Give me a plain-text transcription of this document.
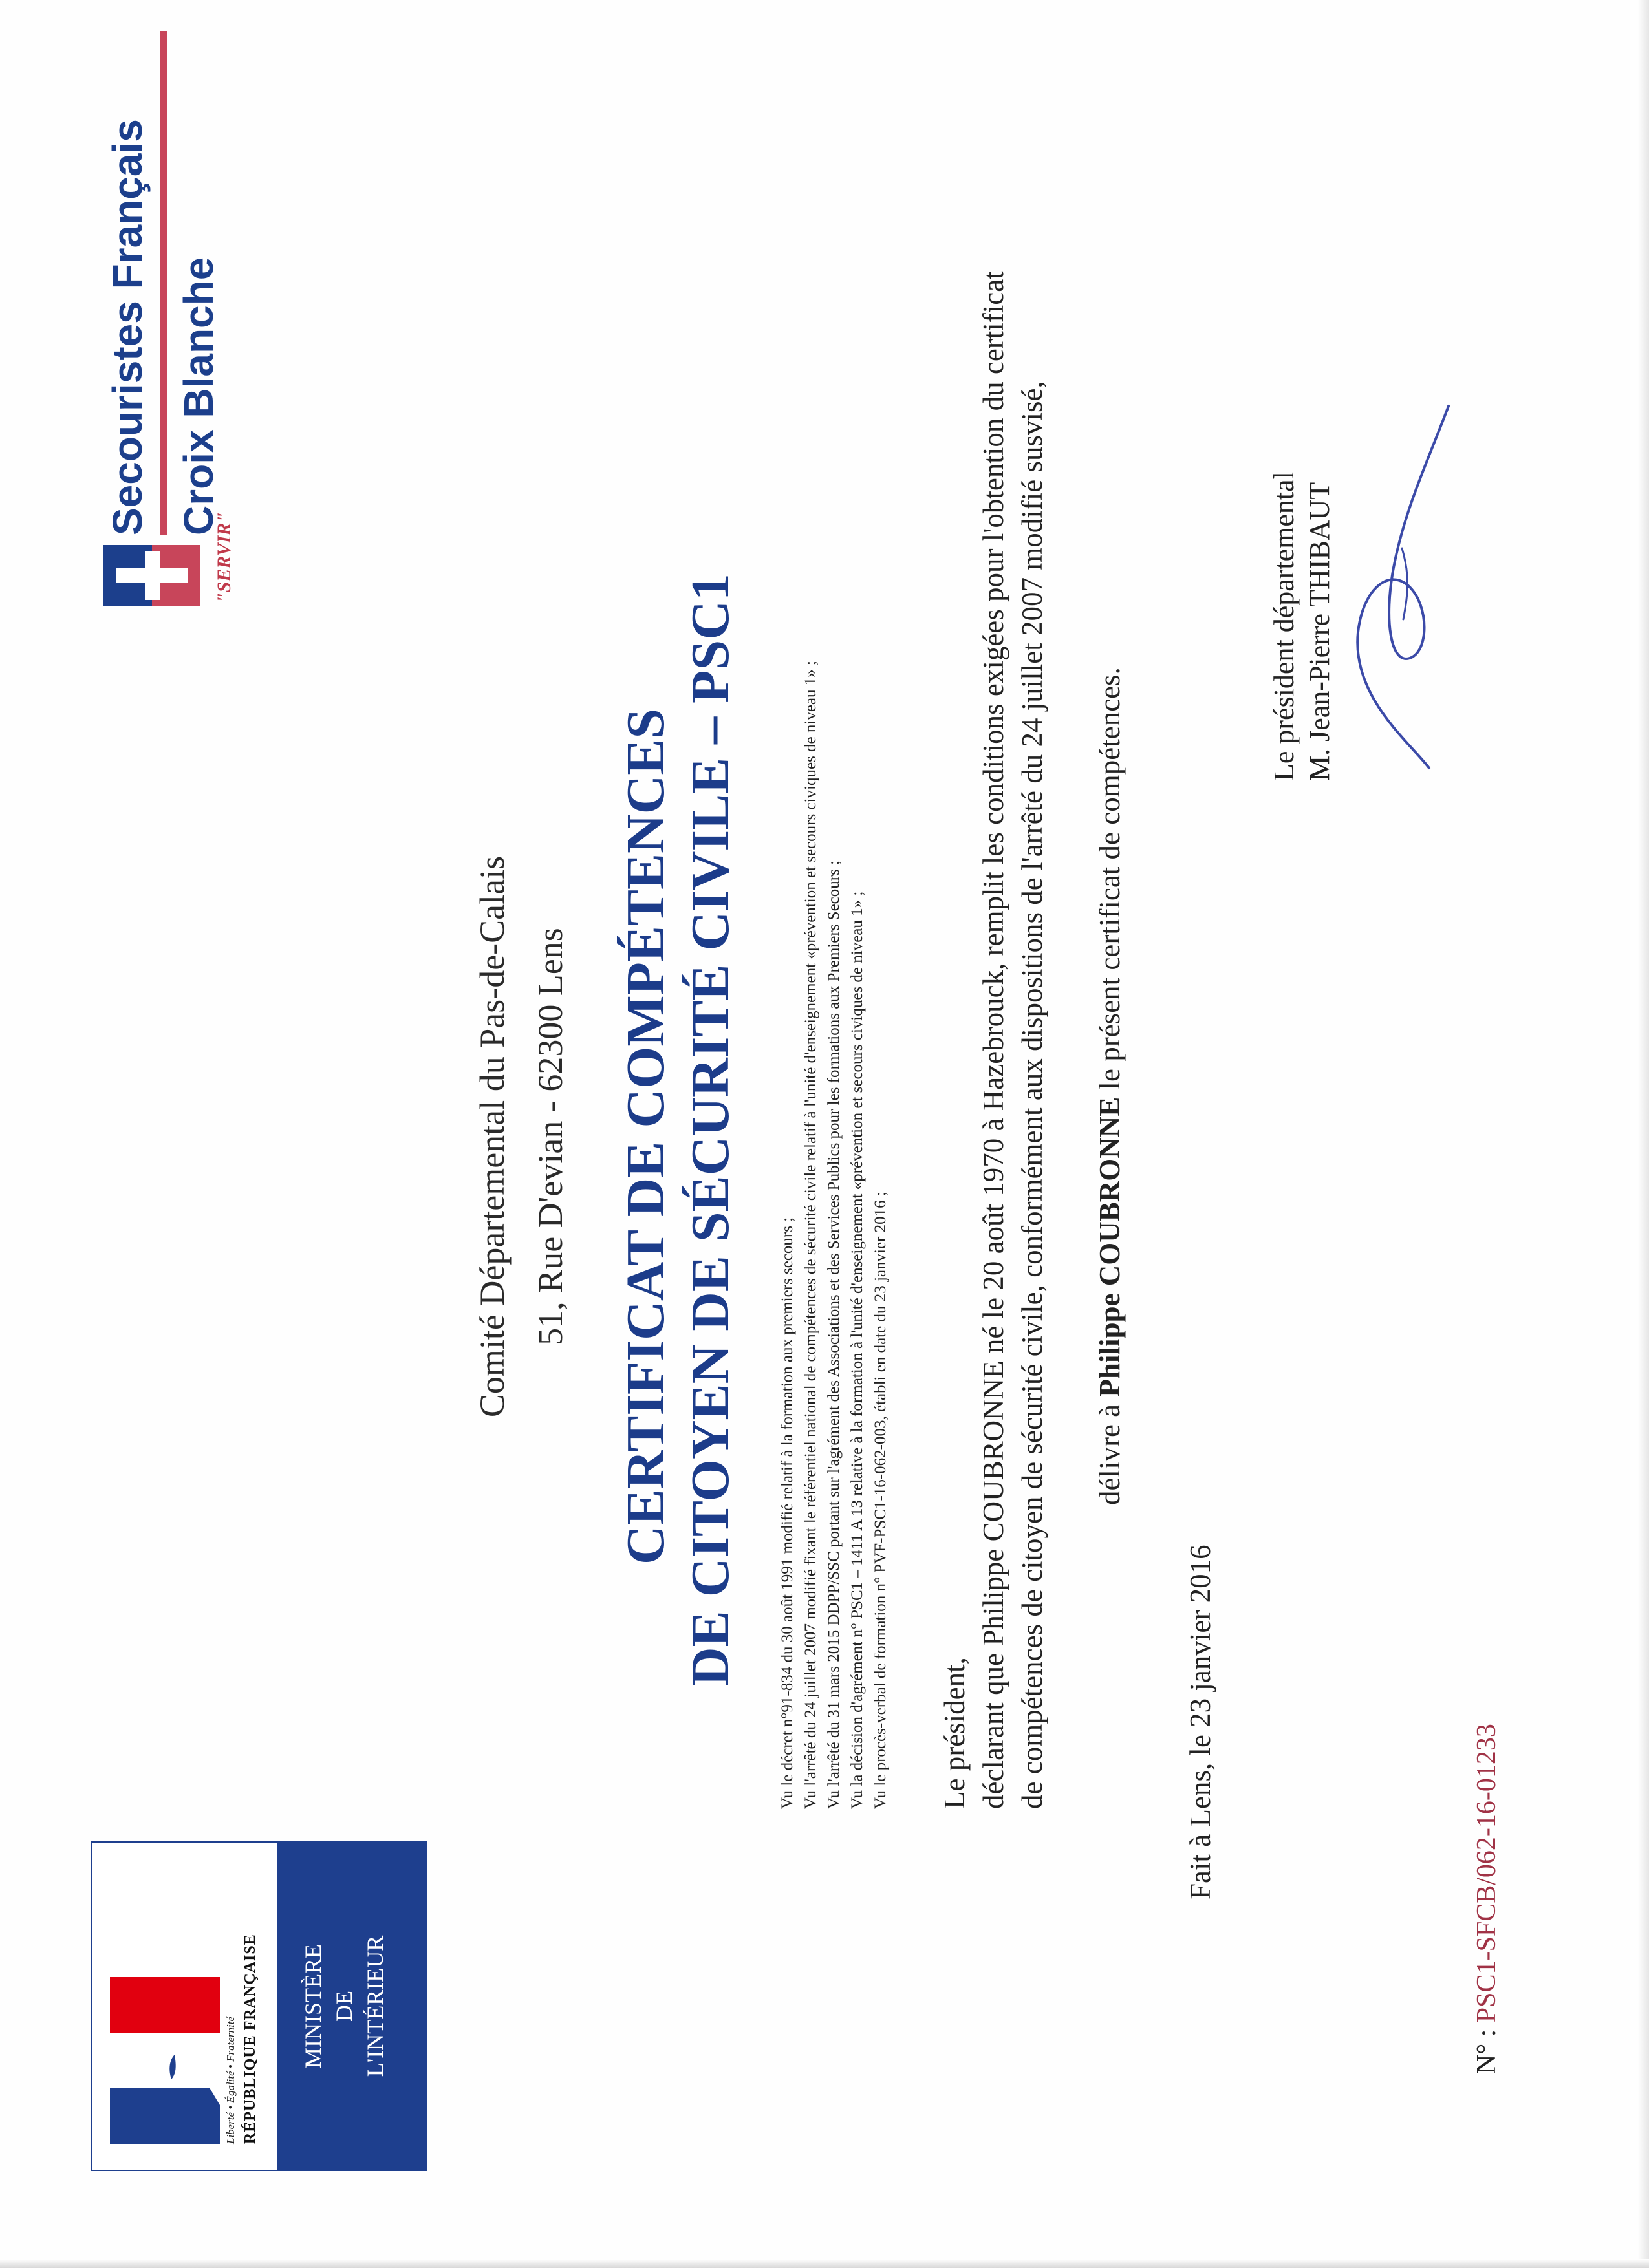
Liberté • Égalité • Fraternité RÉPUBLIQUE FRANÇAISE MINISTÈRE DE L'INTÉRIEUR
"SERVIR"
Secouristes Français Croix Blanche
Comité Départemental du Pas-de-Calais 51, Rue D'evian - 62300 Lens CERTIFICAT DE COMPÉTENCES DE CITOYEN DE SÉCURITÉ CIVILE – PSC1 Vu le décret n°91-834 du 30 août 1991 modifié relatif à la formation aux premiers secours ; Vu l'arrêté du 24 juillet 2007 modifié fixant le référentiel national de compétences de sécurité civile relatif à l'unité d'enseignement «prévention et secours civiques de niveau 1» ; Vu l'arrêté du 31 mars 2015 DDPP/SSC portant sur l'agrément des Associations et des Services Publics pour les formations aux Premiers Secours ; Vu la décision d'agrément n° PSC1 – 1411 A 13 relative à la formation à l'unité d'enseignement «prévention et secours civiques de niveau 1» ; Vu le procès-verbal de formation n° PVF-PSC1-16-062-003, établi en date du 23 janvier 2016 ; Le président, déclarant que Philippe COUBRONNE né le 20 août 1970 à Hazebrouck, remplit les conditions exigées pour l'obtention du certificat de compétences de citoyen de sécurité civile, conformément aux dispositions de l'arrêté du 24 juillet 2007 modifié susvisé, délivre à Philippe COUBRONNE le présent certificat de compétences.
Fait à Lens, le 23 janvier 2016
Le président départemental M. Jean-Pierre THIBAUT
N° : PSC1-SFCB/062-16-01233
